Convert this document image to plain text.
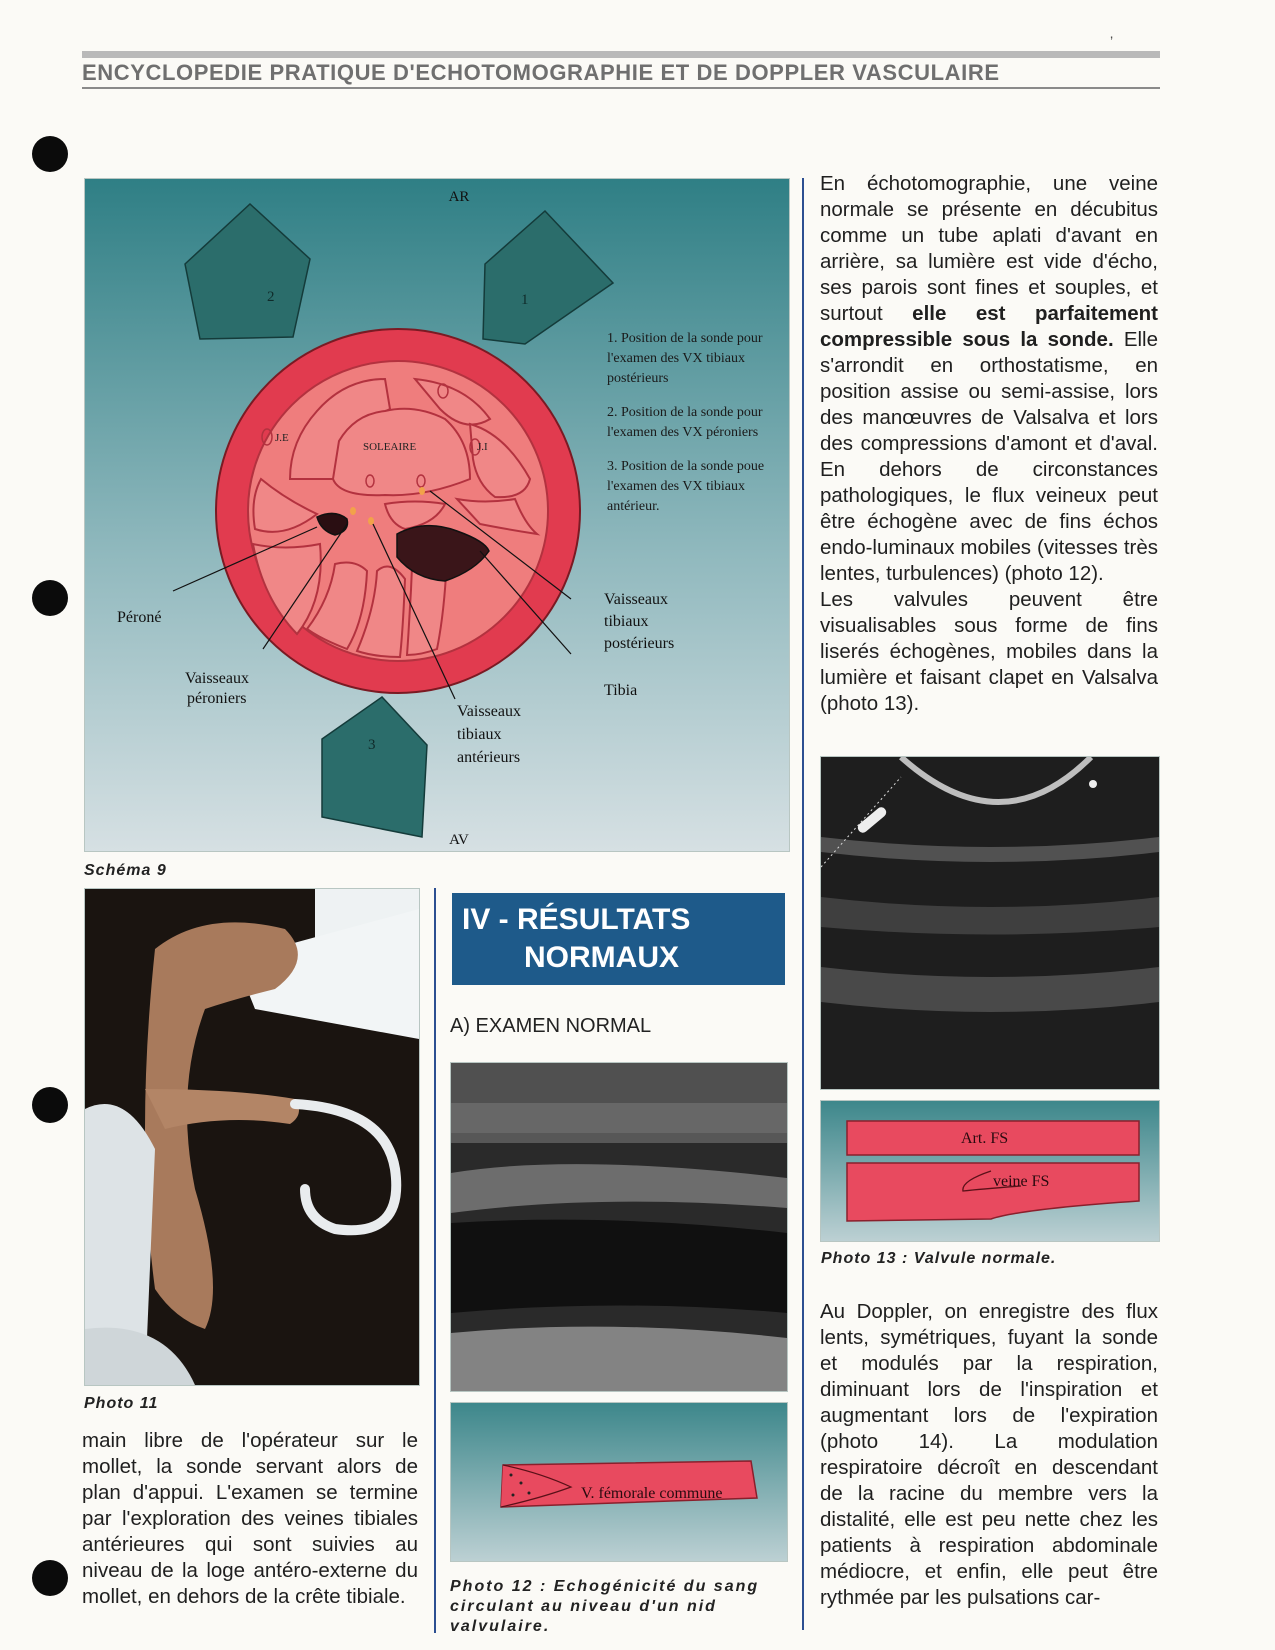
’
ENCYCLOPEDIE PRATIQUE D'ECHOTOMOGRAPHIE ET DE DOPPLER VASCULAIRE
AR
AV
2	1
3
J.E
SOLEAIRE	J.I
Péroné
Vaisseaux
péroniers
Vaisseaux
tibiaux
antérieurs
Vaisseaux
tibiaux
postérieurs
Tibia

1. Position de la sonde pour l'examen des VX tibiaux postérieurs

2. Position de la sonde pour l'examen des VX péroniers

3. Position de la sonde poue l'examen des VX tibiaux antérieur.

Schéma 9
Photo 11
main libre de l'opérateur sur le mollet, la sonde servant alors de plan d'appui. L'examen se termine par l'exploration des veines tibiales antérieures qui sont suivies au niveau de la loge antéro-externe du mollet, en dehors de la crête tibiale.
IV - RÉSULTATS
NORMAUX
A) EXAMEN NORMAL
V. fémorale commune
Photo 12 : Echogénicité du sang circulant au niveau d'un nid valvulaire.

En échotomographie, une veine normale se présente en décubitus comme un tube aplati d'avant en arrière, sa lumière est vide d'écho, ses parois sont fines et souples, et surtout elle est parfaitement compressible sous la sonde. Elle s'arrondit en orthostatisme, en position assise ou semi-assise, lors des manœuvres de Valsalva et lors des compressions d'amont et d'aval. En dehors de circonstances pathologiques, le flux veineux peut être échogène avec de fins échos endo-luminaux mobiles (vitesses très lentes, turbulences) (photo 12).

Les valvules peuvent être visualisables sous forme de fins liserés échogènes, mobiles dans la lumière et faisant clapet en Valsalva (photo 13).

Art. FS
veine FS
Photo 13 : Valvule normale.
Au Doppler, on enregistre des flux lents, symétriques, fuyant la sonde et modulés par la respiration, diminuant lors de l'inspiration et augmentant lors de l'expiration (photo 14). La modulation respiratoire décroît en descendant de la racine du membre vers la distalité, elle est peu nette chez les patients à respiration abdominale médiocre, et enfin, elle peut être rythmée par les pulsations car-
